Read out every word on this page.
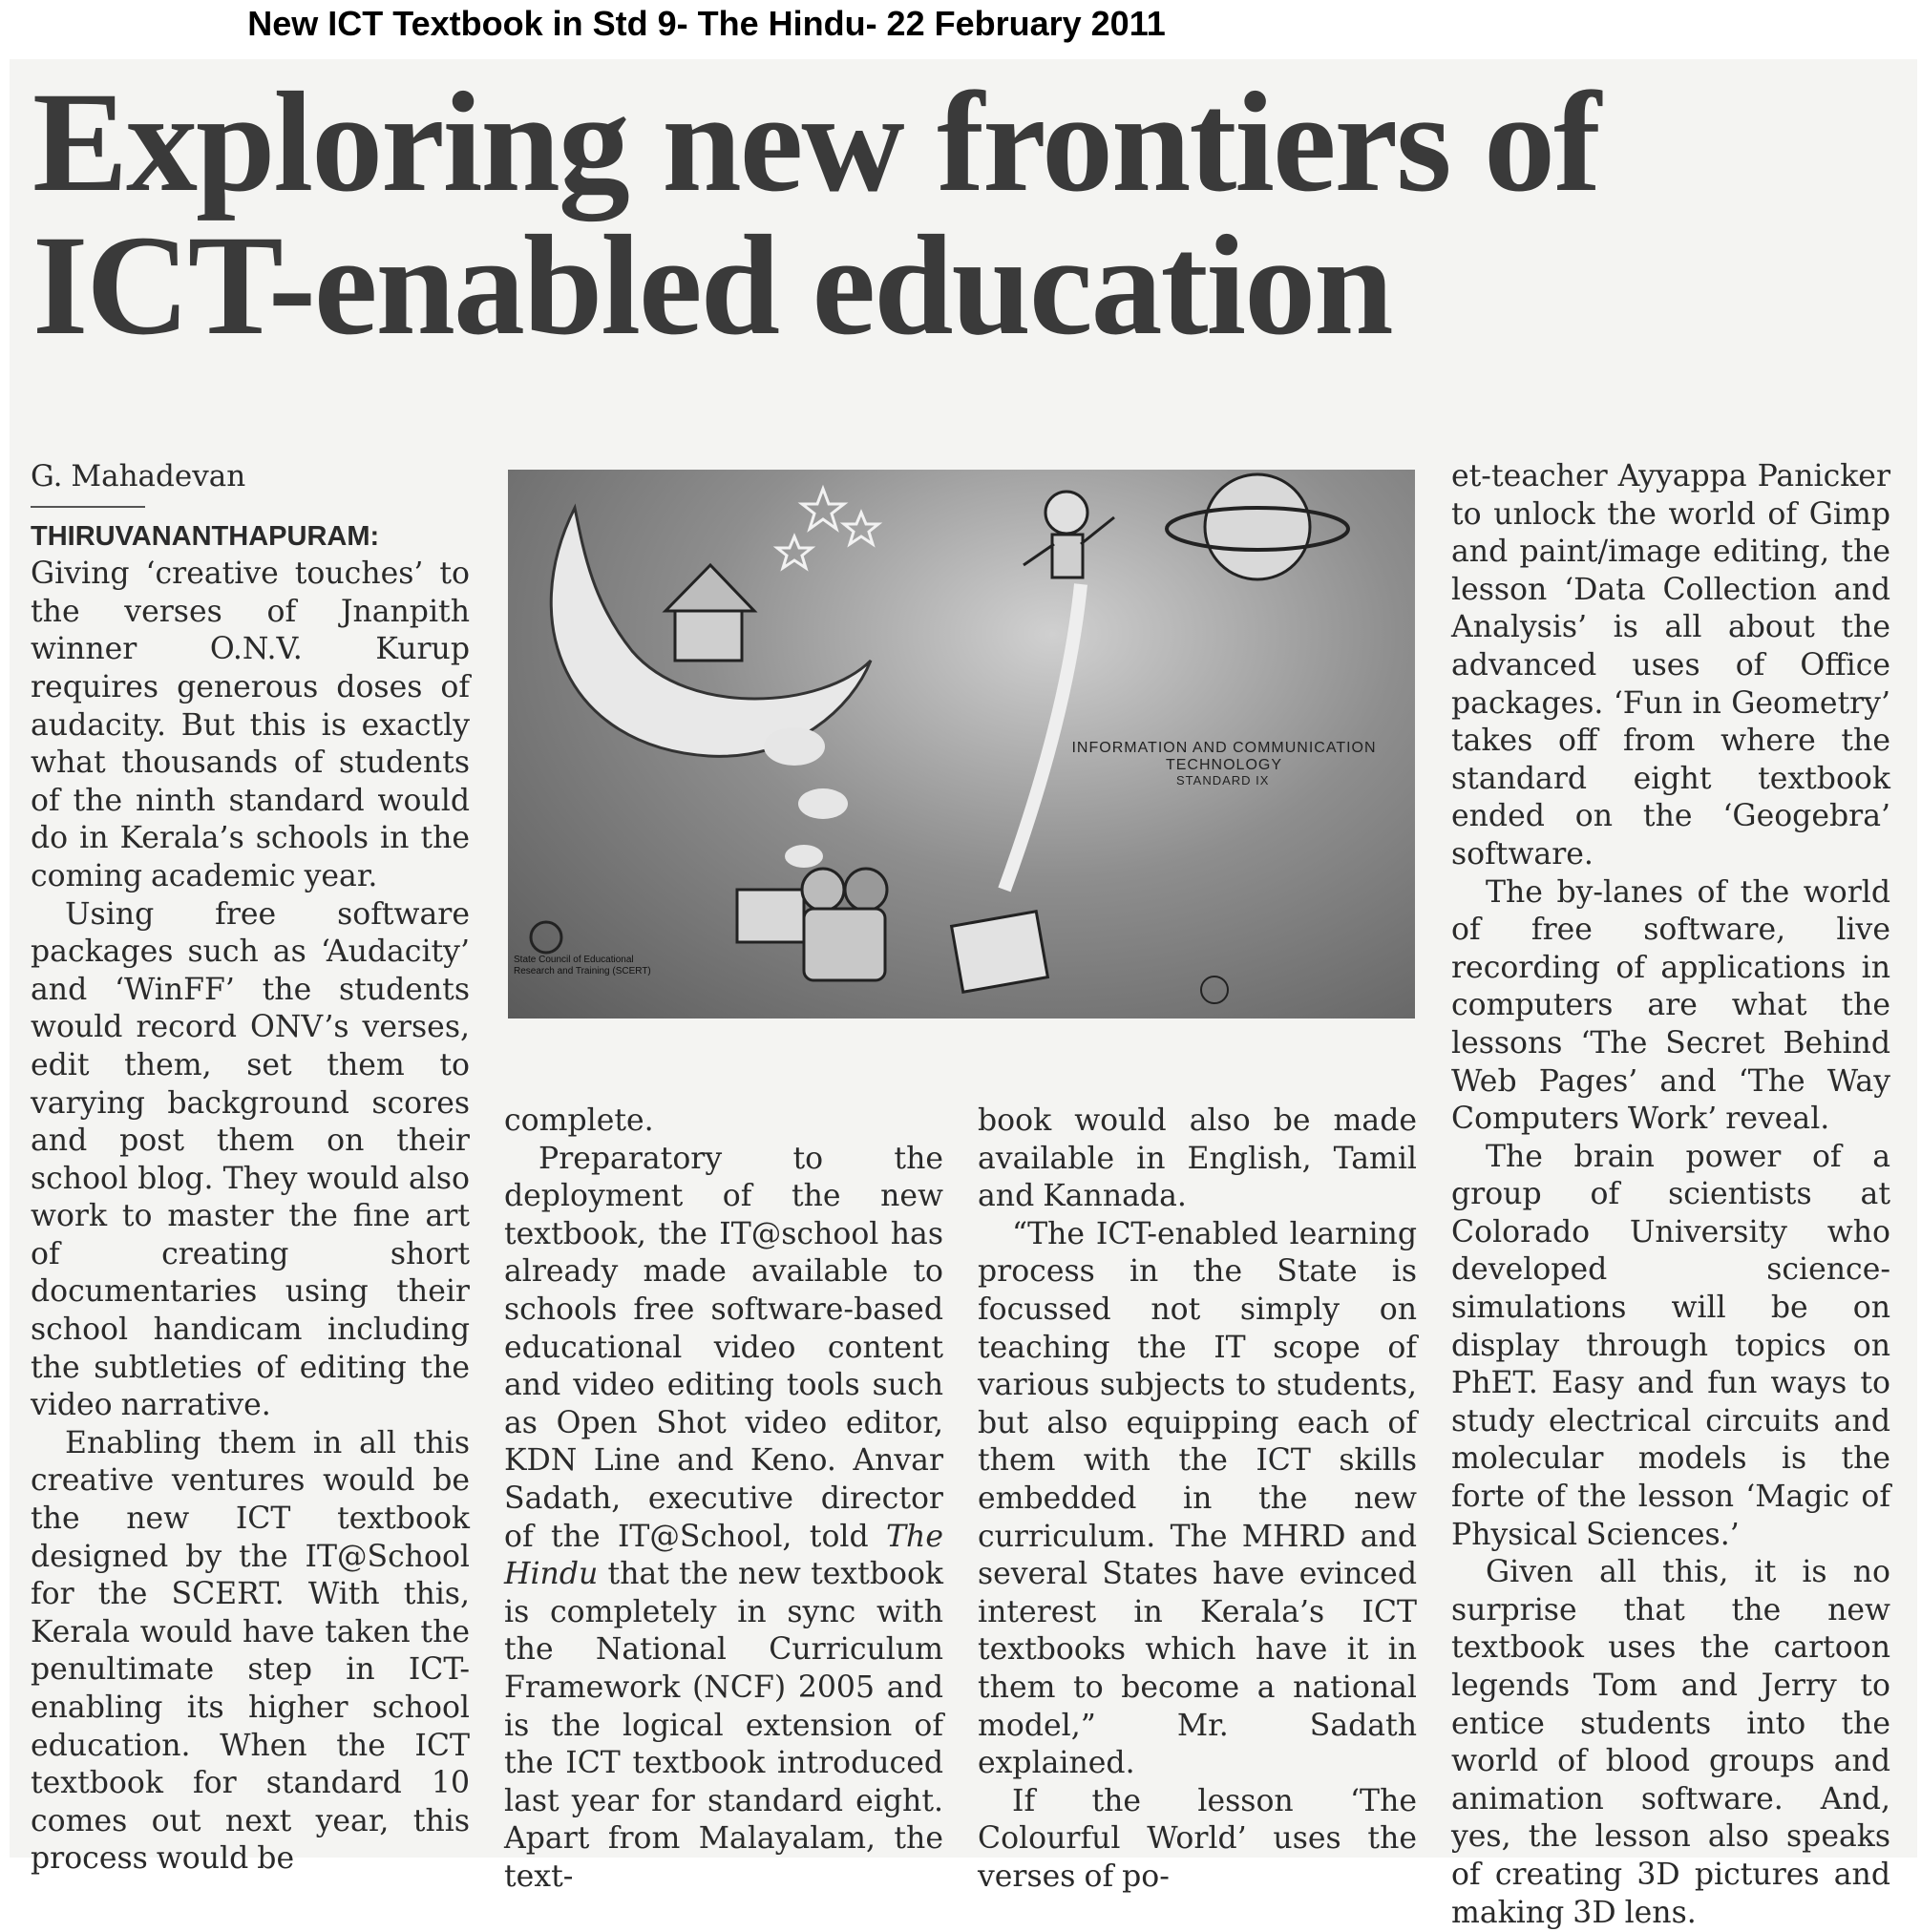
New ICT Textbook in Std 9- The Hindu- 22 February 2011
Exploring new frontiers of ICT-enabled education
INFORMATION AND COMMUNICATION TECHNOLOGY
STANDARD IX
State Council of Educational Research and Training (SCERT)
G. Mahadevan

THIRUVANANTHAPURAM: Giving ‘creative touches’ to the verses of Jnanpith winner O.N.V. Kurup requires generous doses of audacity. But this is exactly what thousands of students of the ninth standard would do in Kerala’s schools in the coming academic year.

Using free software packages such as ‘Audacity’ and ‘WinFF’ the students would record ONV’s verses, edit them, set them to varying background scores and post them on their school blog. They would also work to master the fine art of creating short documentaries using their school handicam including the subtleties of editing the video narrative.

Enabling them in all this creative ventures would be the new ICT textbook designed by the IT@School for the SCERT. With this, Kerala would have taken the penultimate step in ICT-enabling its higher school education. When the ICT textbook for standard 10 comes out next year, this process would be

complete.

Preparatory to the deployment of the new textbook, the IT@school has already made available to schools free software-based educational video content and video editing tools such as Open Shot video editor, KDN Line and Keno. Anvar Sadath, executive director of the IT@School, told The Hindu that the new textbook is completely in sync with the National Curriculum Framework (NCF) 2005 and is the logical extension of the ICT textbook introduced last year for standard eight. Apart from Malayalam, the text-

book would also be made available in English, Tamil and Kannada.

“The ICT-enabled learning process in the State is focussed not simply on teaching the IT scope of various subjects to students, but also equipping each of them with the ICT skills embedded in the new curriculum. The MHRD and several States have evinced interest in Kerala’s ICT textbooks which have it in them to become a national model,” Mr. Sadath explained.

If the lesson ‘The Colourful World’ uses the verses of po-

et-teacher Ayyappa Panicker to unlock the world of Gimp and paint/image editing, the lesson ‘Data Collection and Analysis’ is all about the advanced uses of Office packages. ‘Fun in Geometry’ takes off from where the standard eight textbook ended on the ‘Geogebra’ software.

The by-lanes of the world of free software, live recording of applications in computers are what the lessons ‘The Secret Behind Web Pages’ and ‘The Way Computers Work’ reveal.

The brain power of a group of scientists at Colorado University who developed science-simulations will be on display through topics on PhET. Easy and fun ways to study electrical circuits and molecular models is the forte of the lesson ‘Magic of Physical Sciences.’

Given all this, it is no surprise that the new textbook uses the cartoon legends Tom and Jerry to entice students into the world of blood groups and animation software. And, yes, the lesson also speaks of creating 3D pictures and making 3D lens.
